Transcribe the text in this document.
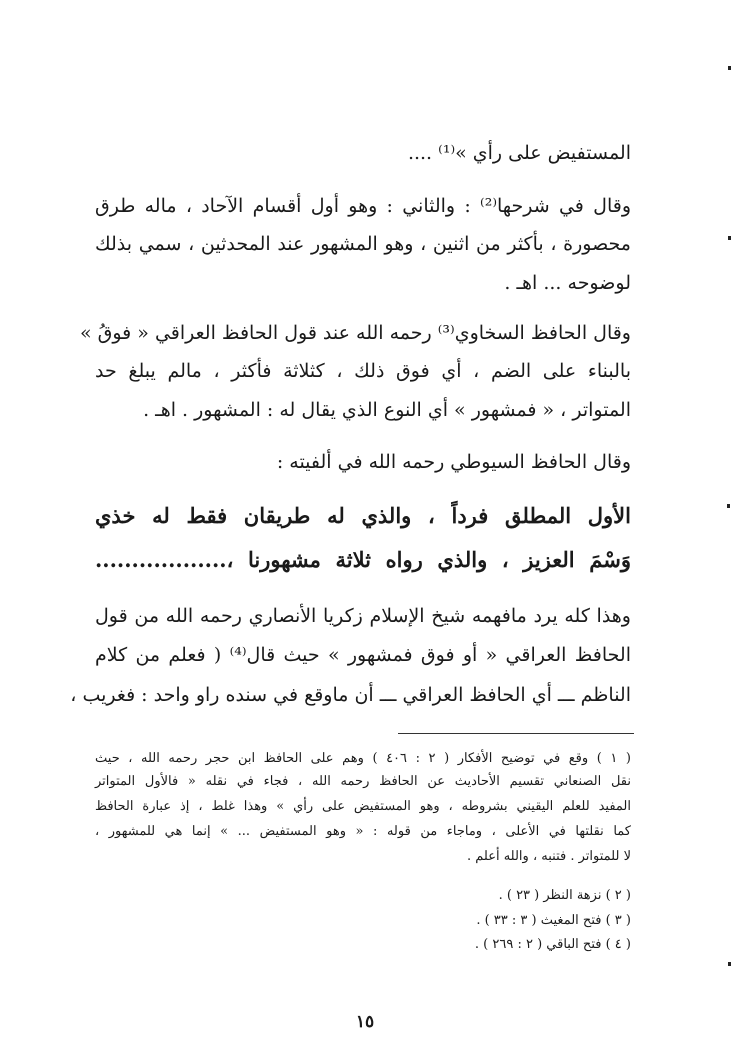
المستفيض على رأي »⁽¹⁾ ....
وقال في شرحها⁽²⁾ : والثاني : وهو أول أقسام الآحاد ، ماله طرق
محصورة ، بأكثر من اثنين ، وهو المشهور عند المحدثين ، سمي بذلك
لوضوحه ... اهـ .
وقال الحافظ السخاوي⁽³⁾ رحمه الله عند قول الحافظ العراقي « فوقُ »
بالبناء على الضم ، أي فوق ذلك ، كثلاثة فأكثر ، مالم يبلغ حد
المتواتر ، « فمشهور » أي النوع الذي يقال له : المشهور . اهـ .
وقال الحافظ السيوطي رحمه الله في ألفيته :
الأول المطلق فرداً ، والذي له طريقان فقط له خذي
وَسْمَ العزيز ، والذي رواه ثلاثة مشهورنا ،..................
وهذا كله يرد مافهمه شيخ الإسلام زكريا الأنصاري رحمه الله من قول
الحافظ العراقي « أو فوق فمشهور » حيث قال⁽⁴⁾ ( فعلم من كلام
الناظم ـــ أي الحافظ العراقي ـــ أن ماوقع في سنده راو واحد : فغريب ،
( ١ ) وقع في توضيح الأفكار ( ٢ : ٤٠٦ ) وهم على الحافظ ابن حجر رحمه الله ، حيث
نقل الصنعاني تقسيم الأحاديث عن الحافظ رحمه الله ، فجاء في نقله « فالأول المتواتر
المفيد للعلم اليقيني بشروطه ، وهو المستفيض على رأي » وهذا غلط ، إذ عبارة الحافظ
كما نقلتها في الأعلى ، وماجاء من قوله : « وهو المستفيض ... » إنما هي للمشهور ،
لا للمتواتر . فتنبه ، والله أعلم .
( ٢ ) نزهة النظر ( ٢٣ ) .
( ٣ ) فتح المغيث ( ٣ : ٣٣ ) .
( ٤ ) فتح الباقي ( ٢ : ٢٦٩ ) .
١٥
